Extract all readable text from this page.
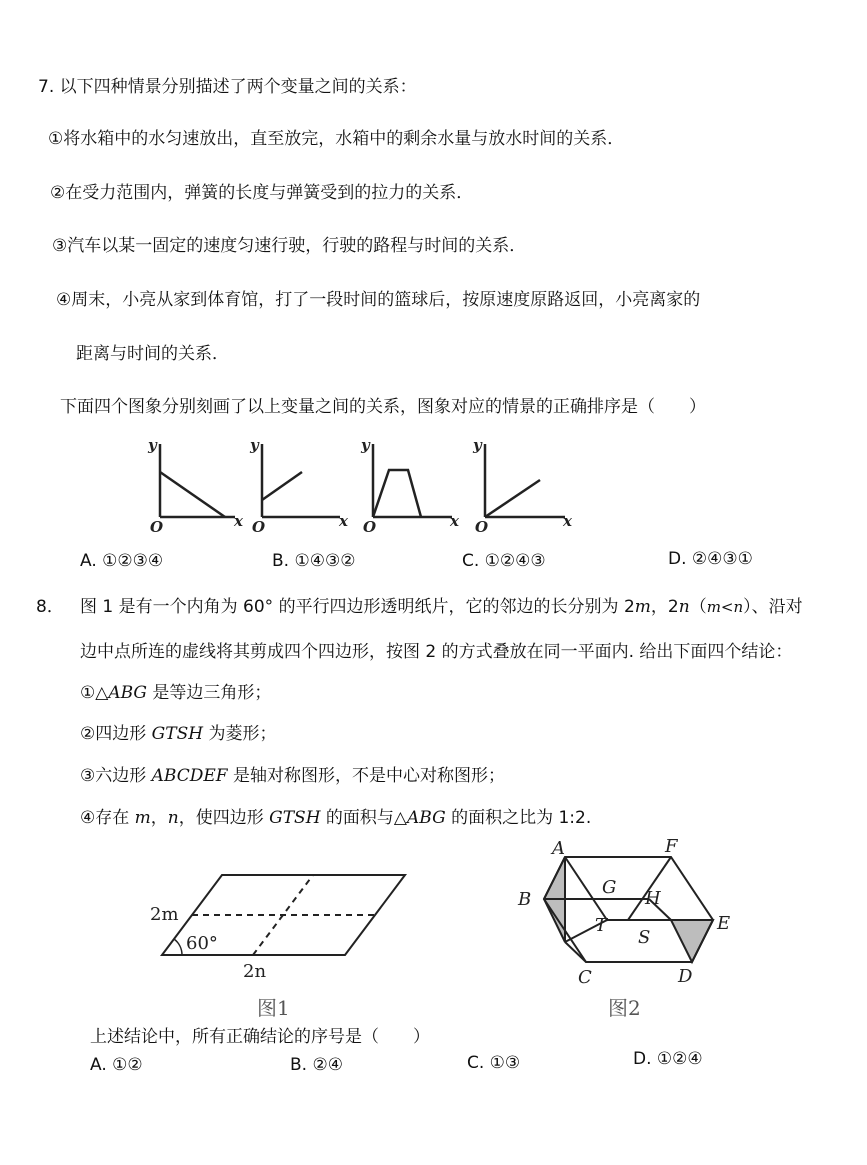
7. 以下四种情景分别描述了两个变量之间的关系：
①将水箱中的水匀速放出，直至放完，水箱中的剩余水量与放水时间的关系．
②在受力范围内，弹簧的长度与弹簧受到的拉力的关系．
③汽车以某一固定的速度匀速行驶，行驶的路程与时间的关系．
④周末，小亮从家到体育馆，打了一段时间的篮球后，按原速度原路返回，小亮离家的
距离与时间的关系．
下面四个图象分别刻画了以上变量之间的关系，图象对应的情景的正确排序是（　　）
y
O	x
y
O	x
y
O	x
y
O	x
A. ①②③④	B. ①④③②	C. ①②④③	D. ②④③①
8． 图 1 是有一个内角为 60° 的平行四边形透明纸片，它的邻边的长分别为 2m，2n（m<n）、沿对
边中点所连的虚线将其剪成四个四边形，按图 2 的方式叠放在同一平面内. 给出下面四个结论：
①△ABG 是等边三角形；
②四边形 GTSH 为菱形；
③六边形 ABCDEF 是轴对称图形，不是中心对称图形；
④存在 m，n，使四边形 GTSH 的面积与△ABG 的面积之比为 1:2.
2m
60°
2n
图1
A	F
B
G
H
T
S
E
C	D
图2
上述结论中，所有正确结论的序号是（　　）
A. ①②	B. ②④	C. ①③	D. ①②④
